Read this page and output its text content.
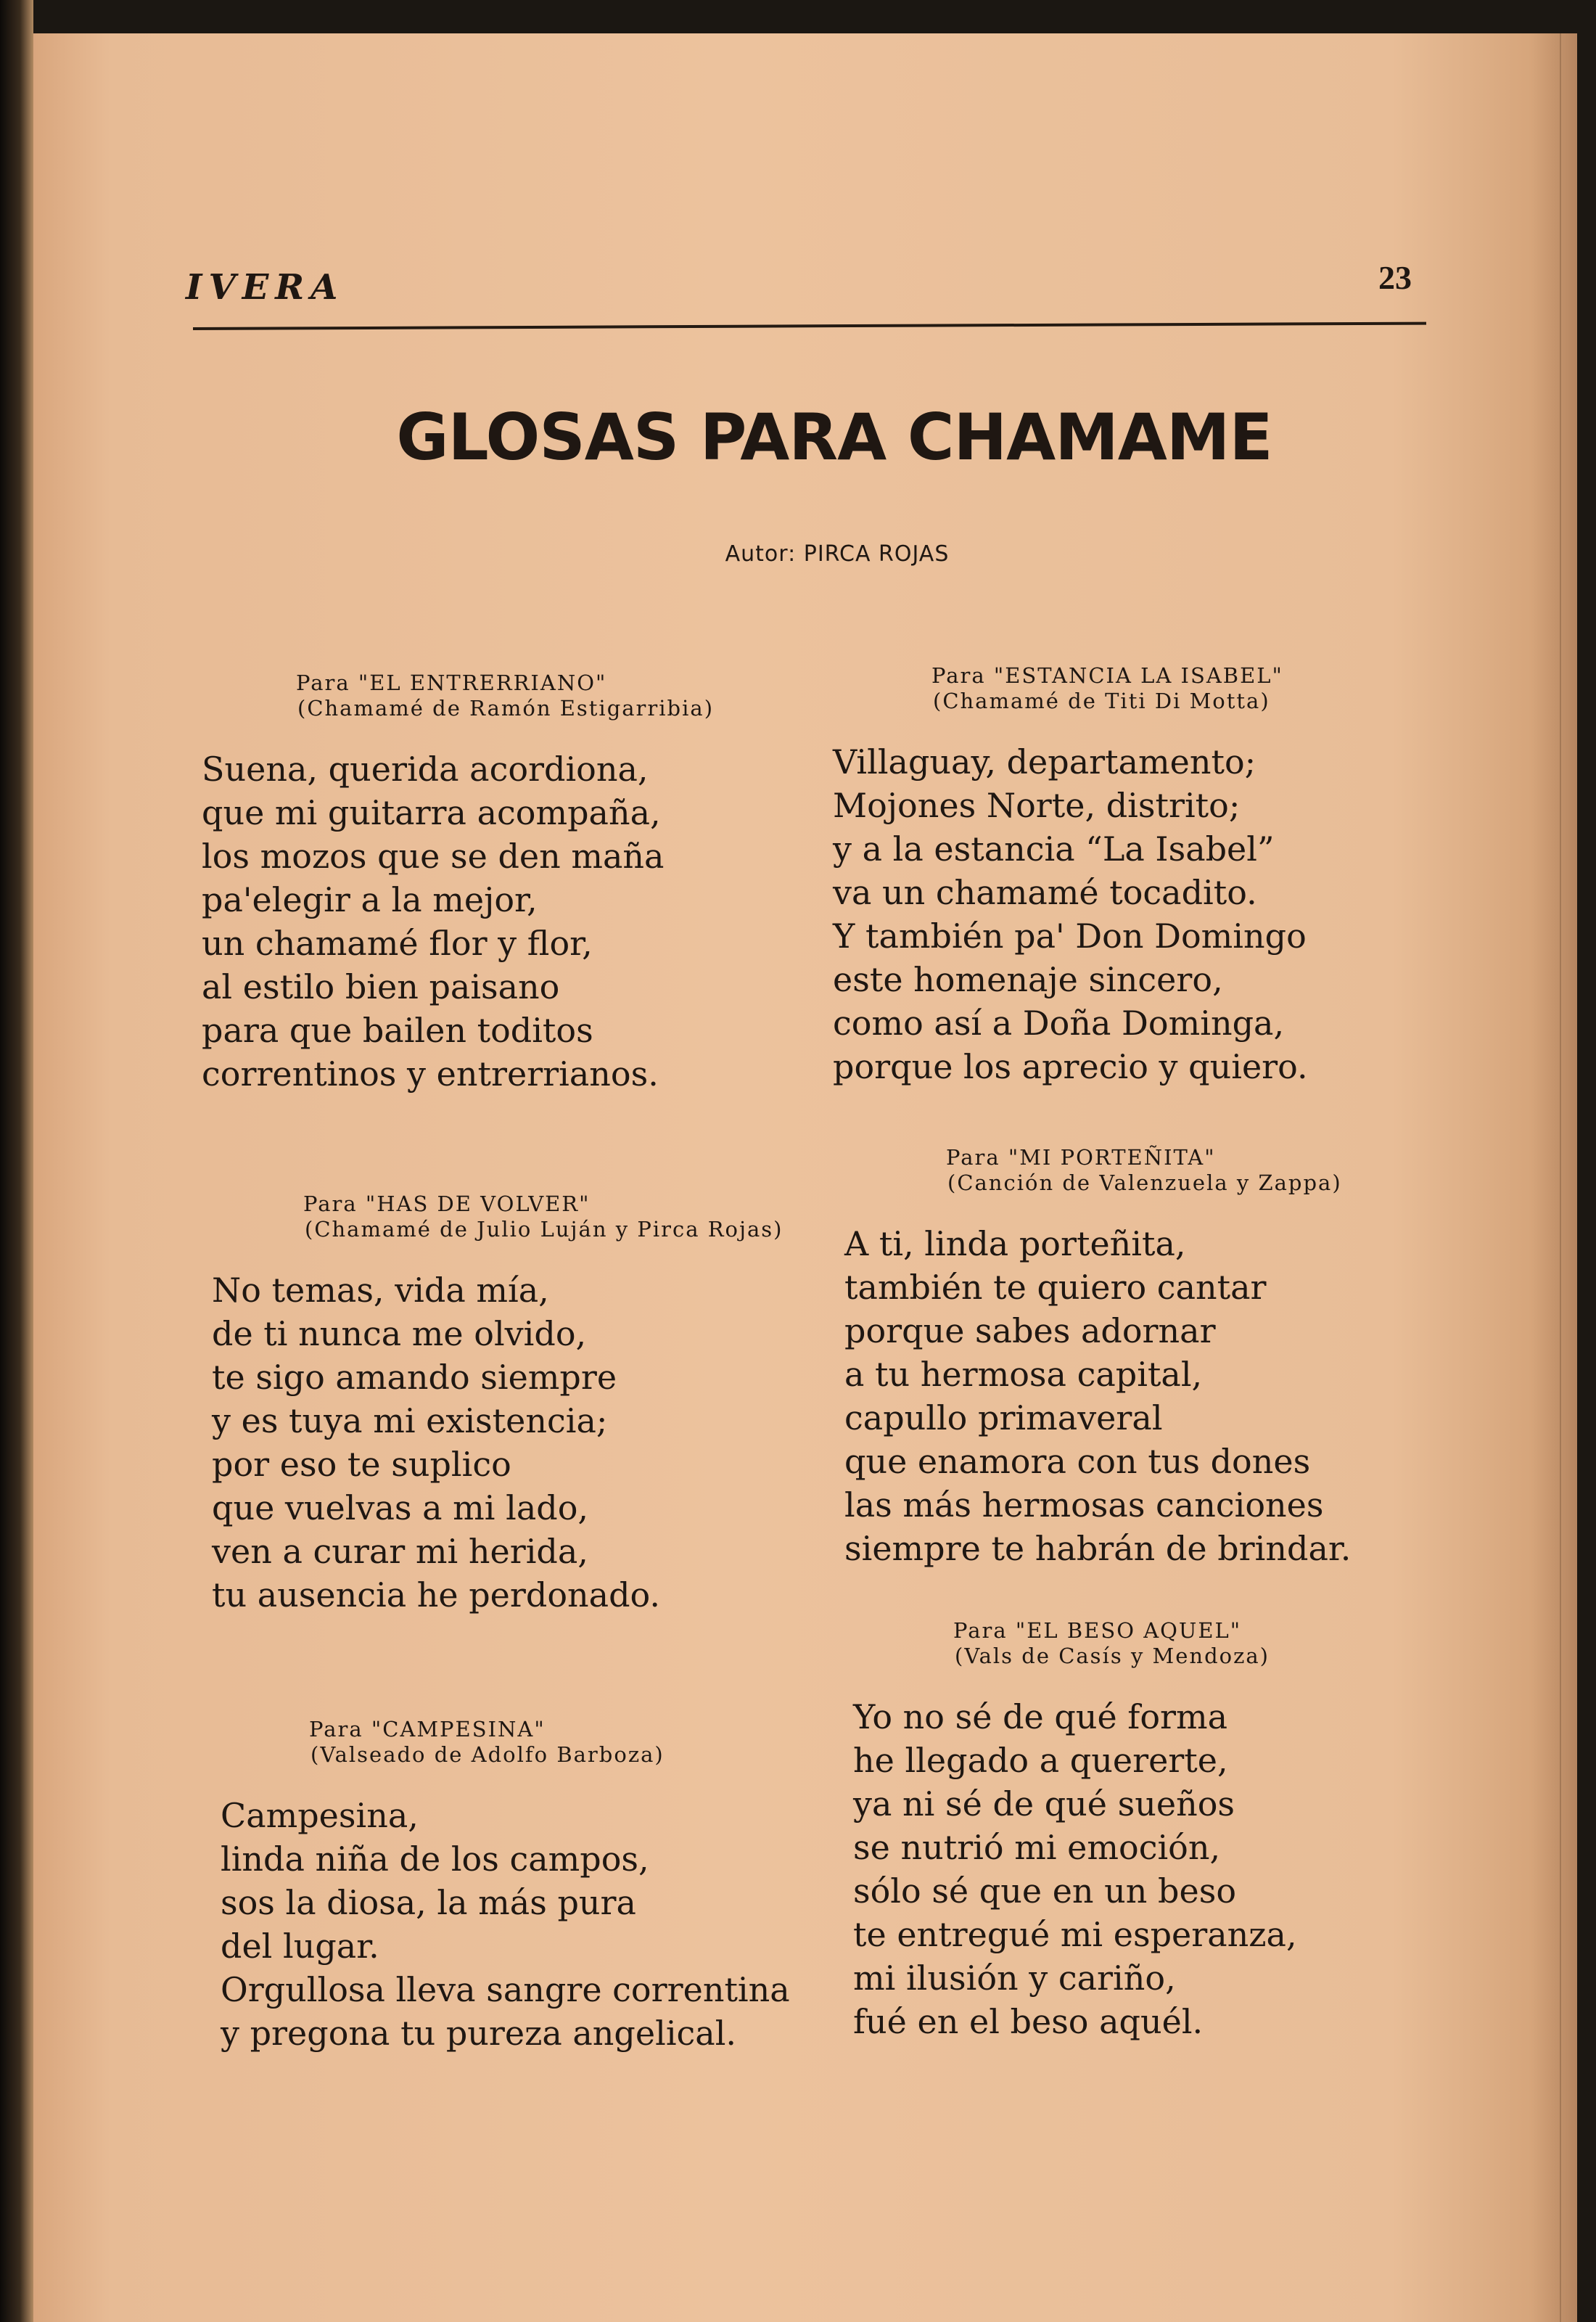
IVERA	23
GLOSAS PARA CHAMAME
Autor: PIRCA ROJAS
Para "EL ENTRERRIANO"
(Chamamé de Ramón Estigarribia)
Suena, querida acordiona,
que mi guitarra acompaña,
los mozos que se den maña
pa'elegir a la mejor,
un chamamé flor y flor,
al estilo bien paisano
para que bailen toditos
correntinos y entrerrianos.
Para "ESTANCIA LA ISABEL"
(Chamamé de Titi Di Motta)
Villaguay, departamento;
Mojones Norte, distrito;
y a la estancia “La Isabel”
va un chamamé tocadito.
Y también pa' Don Domingo
este homenaje sincero,
como así a Doña Dominga,
porque los aprecio y quiero.
Para "HAS DE VOLVER"
(Chamamé de Julio Luján y Pirca Rojas)
No temas, vida mía,
de ti nunca me olvido,
te sigo amando siempre
y es tuya mi existencia;
por eso te suplico
que vuelvas a mi lado,
ven a curar mi herida,
tu ausencia he perdonado.
Para "MI PORTEÑITA"
(Canción de Valenzuela y Zappa)
A ti, linda porteñita,
también te quiero cantar
porque sabes adornar
a tu hermosa capital,
capullo primaveral
que enamora con tus dones
las más hermosas canciones
siempre te habrán de brindar.
Para "CAMPESINA"
(Valseado de Adolfo Barboza)
Campesina,
linda niña de los campos,
sos la diosa, la más pura
del lugar.
Orgullosa lleva sangre correntina
y pregona tu pureza angelical.
Para "EL BESO AQUEL"
(Vals de Casís y Mendoza)
Yo no sé de qué forma
he llegado a quererte,
ya ni sé de qué sueños
se nutrió mi emoción,
sólo sé que en un beso
te entregué mi esperanza,
mi ilusión y cariño,
fué en el beso aquél.
